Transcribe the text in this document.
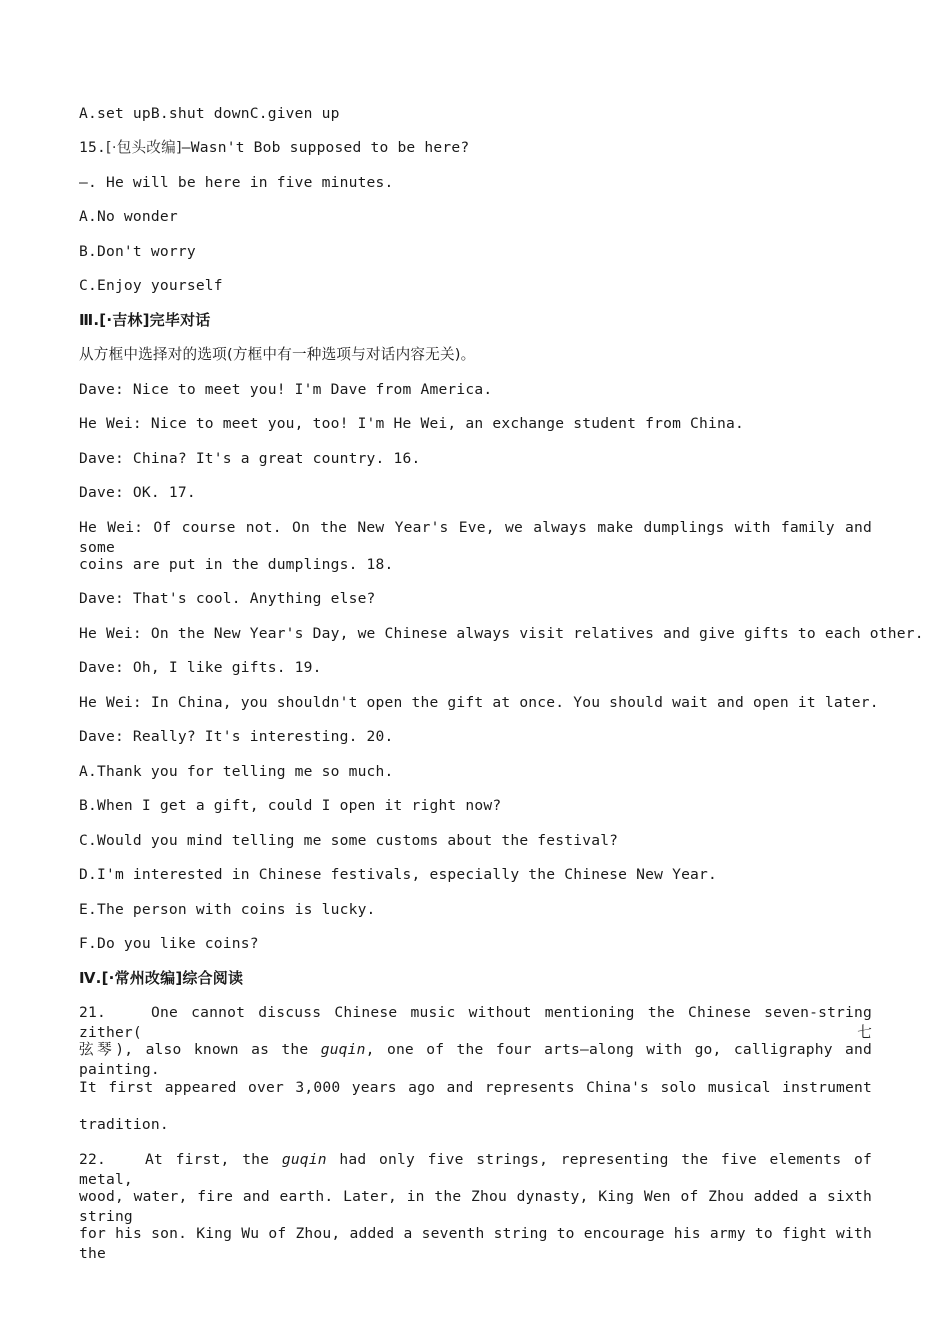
A.set upB.shut downC.given up
15.[·包头改编]—Wasn't Bob supposed to be here?
—. He will be here in five minutes.
A.No wonder
B.Don't worry
C.Enjoy yourself
Ⅲ.[·吉林]完毕对话
从方框中选择对的选项(方框中有一种选项与对话内容无关)。
Dave: Nice to meet you! I'm Dave from America.
He Wei: Nice to meet you, too! I'm He Wei, an exchange student from China.
Dave: China? It's a great country. 16.
Dave: OK. 17.
He Wei: Of course not. On the New Year's Eve, we always make dumplings with family and some
coins are put in the dumplings. 18.
Dave: That's cool. Anything else?
He Wei: On the New Year's Day, we Chinese always visit relatives and give gifts to each other.
Dave: Oh, I like gifts. 19.
He Wei: In China, you shouldn't open the gift at once. You should wait and open it later.
Dave: Really? It's interesting. 20.
A.Thank you for telling me so much.
B.When I get a gift, could I open it right now?
C.Would you mind telling me some customs about the festival?
D.I'm interested in Chinese festivals, especially the Chinese New Year.
E.The person with coins is lucky.
F.Do you like coins?
Ⅳ.[·常州改编]综合阅读
21.	One cannot discuss Chinese music without mentioning the Chinese seven-string zither(七
弦琴), also known as the guqin, one of the four arts—along with go, calligraphy and painting.
It first appeared over 3,000 years ago and represents China's solo musical instrument
tradition.
22.	At first, the guqin had only five strings, representing the five elements of metal,
wood, water, fire and earth. Later, in the Zhou dynasty, King Wen of Zhou added a sixth string
for his son. King Wu of Zhou, added a seventh string to encourage his army to fight with the
